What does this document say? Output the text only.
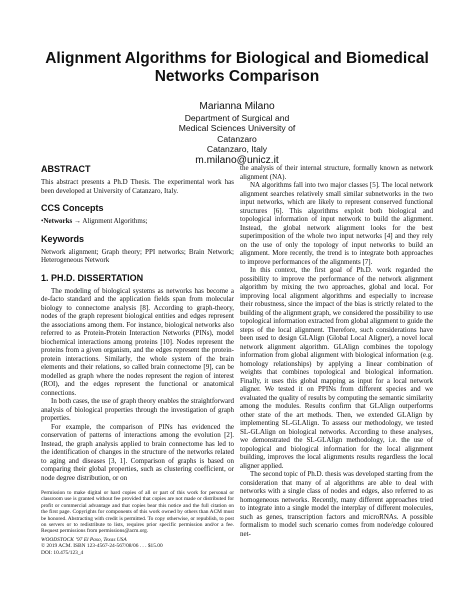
Alignment Algorithms for Biological and Biomedical
Networks Comparison
Marianna Milano
Department of Surgical and
Medical Sciences University of
Catanzaro
Catanzaro, Italy
m.milano@unicz.it
ABSTRACT

This abstract presents a Ph.D Thesis. The experimental work has been developed at University of Catanzaro, Italy.

CCS Concepts

•Networks → Alignment Algorithms;

Keywords

Network alignment; Graph theory; PPI networks; Brain Network; Heterogeneous Network

1. PH.D. DISSERTATION

The modeling of biological systems as networks has become a de-facto standard and the application fields span from molecular biology to connectome analysis [8]. According to graph-theory, nodes of the graph represent biological entities and edges represent the associations among them. For instance, biological networks also referred to as Protein-Protein Interaction Networks (PINs), model biochemical interactions among proteins [10]. Nodes represent the proteins from a given organism, and the edges represent the protein-protein interactions. Similarly, the whole system of the brain elements and their relations, so called brain connectome [9], can be modelled as graph where the nodes represent the region of interest (ROI), and the edges represent the functional or anatomical connections.

In both cases, the use of graph theory enables the straightforward analysis of biological properties through the investigation of graph properties.

For example, the comparison of PINs has evidenced the conservation of patterns of interactions among the evolution [2]. Instead, the graph analysis applied to brain connectome has led to the identification of changes in the structure of the networks related to aging and diseases [3, 1]. Comparison of graphs is based on comparing their global properties, such as clustering coefficient, or node degree distribution, or on

the analysis of their internal structure, formally known as network alignment (NA).

NA algorithms fall into two major classes [5]. The local network alignment searches relatively small similar subnetworks in the two input networks, which are likely to represent conserved functional structures [6]. This algorithms exploit both biological and topological information of input network to build the alignment. Instead, the global network alignment looks for the best superimposition of the whole two input networks [4] and they rely on the use of only the topology of input networks to build an alignment. More recently, the trend is to integrate both approaches to improve performances of the alignments [7].

In this context, the first goal of Ph.D. work regarded the possibility to improve the performance of the network alignment algorithm by mixing the two approaches, global and local. For improving local alignment algorithms and especially to increase their robustness, since the impact of the bias is strictly related to the building of the alignment graph, we considered the possibility to use topological information extracted from global alignment to guide the steps of the local alignment. Therefore, such considerations have been used to design GLAlign (Global Local Aligner), a novel local network alignment algorithm. GLAlign combines the topology information from global alignment with biological information (e.g. homology relationships) by applying a linear combination of weights that combines topological and biological information. Finally, it uses this global mapping as input for a local network aligner. We tested it on PPINs from different species and we evaluated the quality of results by computing the semantic similarity among the modules. Results confirm that GLAlign outperforms other state of the art methods. Then, we extended GLAlign by implementing SL-GLAlign. To assess our methodology, we tested SL-GLAlign on biological networks. According to these analyses, we demonstrated the SL-GLAlign methodology, i.e. the use of topological and biological information for the local alignment building, improves the local alignments results regardless the local aligner applied.

The second topic of Ph.D. thesis was developed starting from the consideration that many of al algorithms are able to deal with networks with a single class of nodes and edges, also referred to as homogeneous networks. Recently, many different approaches tried to integrate into a single model the interplay of different molecules, such as genes, transcription factors and microRNAs. A possible formalism to model such scenario comes from node/edge coloured net-

Permission to make digital or hard copies of all or part of this work for personal or classroom use is granted without fee provided that copies are not made or distributed for profit or commercial advantage and that copies bear this notice and the full citation on the first page. Copyrights for components of this work owned by others than ACM must be honored. Abstracting with credit is permitted. To copy otherwise, or republish, to post on servers or to redistribute to lists, requires prior specific permission and/or a fee. Request permissions from permissions@acm.org.

WOODSTOCK ’97 El Paso, Texas USA

© 2019 ACM. ISBN 123-4567-24-567/08/06 . . . $15.00

DOI: 10.475/123_4
